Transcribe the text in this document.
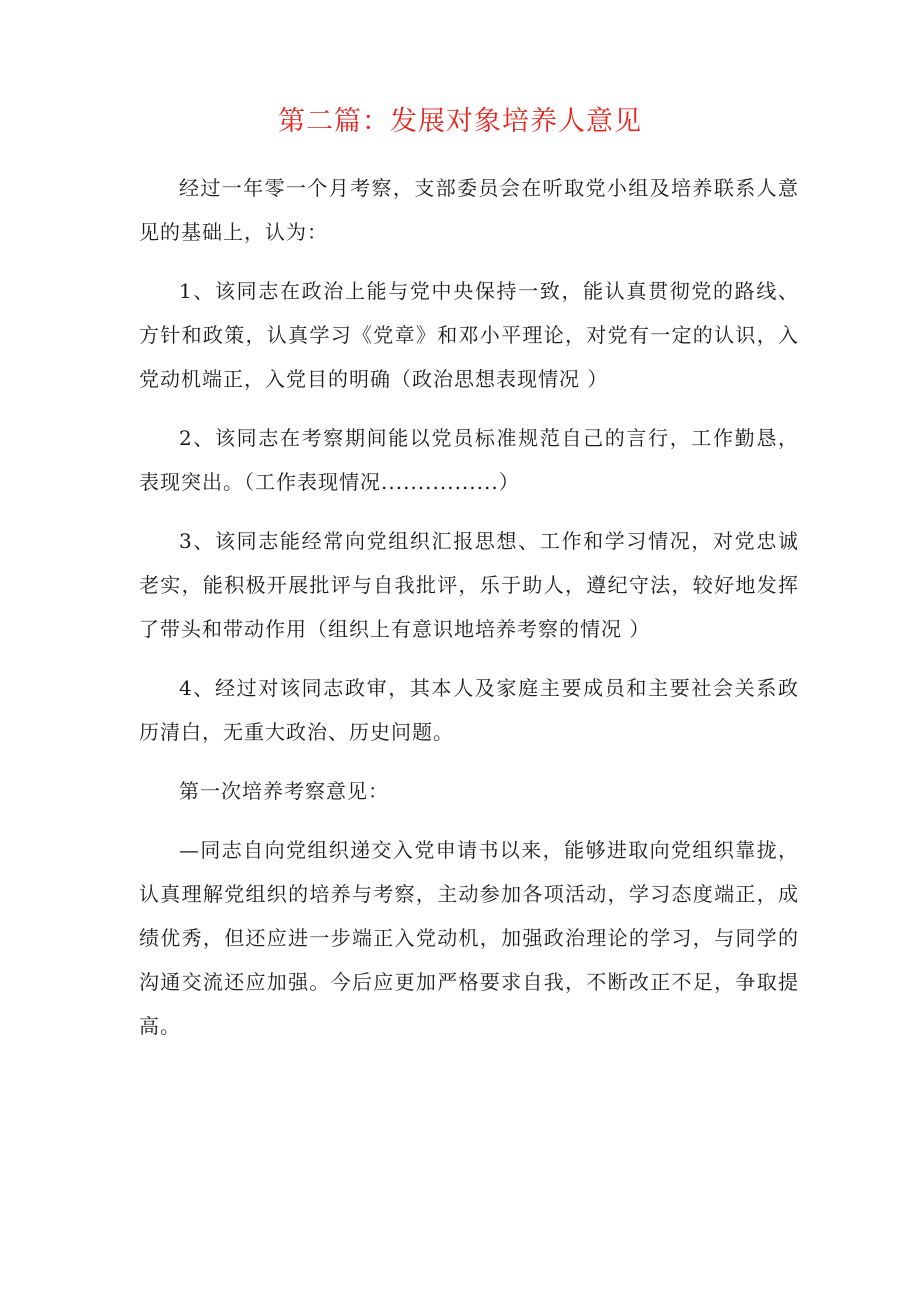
第二篇：发展对象培养人意见

经过一年零一个月考察，支部委员会在听取党小组及培养联系人意见的基础上，认为：

1、该同志在政治上能与党中央保持一致，能认真贯彻党的路线、方针和政策，认真学习《党章》和邓小平理论，对党有一定的认识，入党动机端正，入党目的明确（政治思想表现情况 ）

2、该同志在考察期间能以党员标准规范自己的言行，工作勤恳，表现突出。（工作表现情况................）

3、该同志能经常向党组织汇报思想、工作和学习情况，对党忠诚老实，能积极开展批评与自我批评，乐于助人，遵纪守法，较好地发挥了带头和带动作用（组织上有意识地培养考察的情况 ）

4、经过对该同志政审，其本人及家庭主要成员和主要社会关系政历清白，无重大政治、历史问题。

第一次培养考察意见：

—同志自向党组织递交入党申请书以来，能够进取向党组织靠拢，认真理解党组织的培养与考察，主动参加各项活动，学习态度端正，成绩优秀，但还应进一步端正入党动机，加强政治理论的学习，与同学的沟通交流还应加强。今后应更加严格要求自我，不断改正不足，争取提高。
